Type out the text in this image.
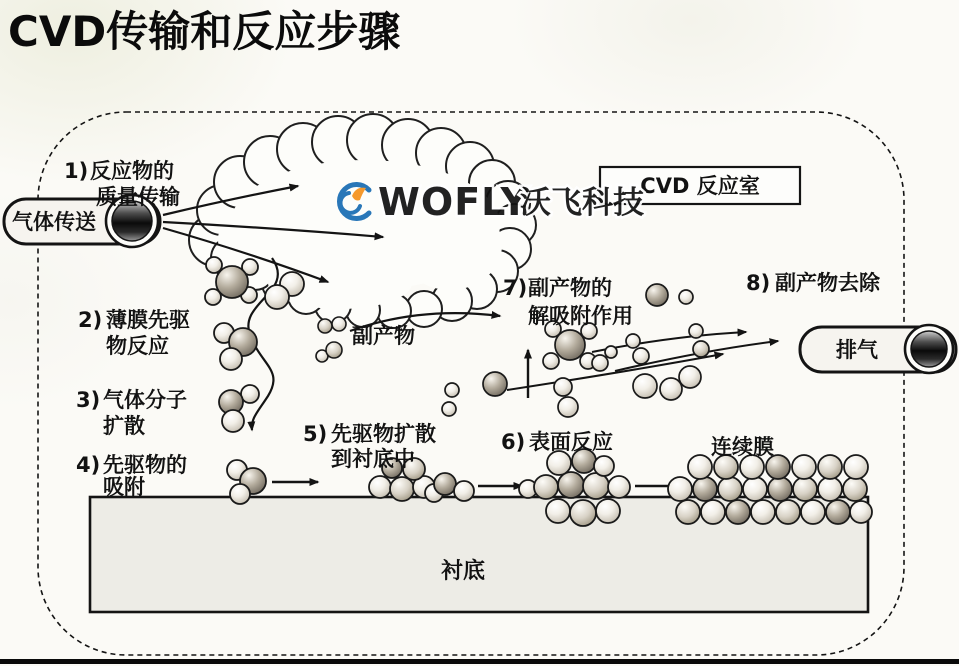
CVD传输和反应步骤
衬底
气体传送
排气
CVD 反应室
1) 反应物的
质量传输
2) 薄膜先驱
物反应
3) 气体分子
扩散
4) 先驱物的
吸附
5) 先驱物扩散
到衬底中
6) 表面反应
7) 副产物的
解吸附作用
8) 副产物去除
副产物
连续膜
WOFLY
沃飞科技
